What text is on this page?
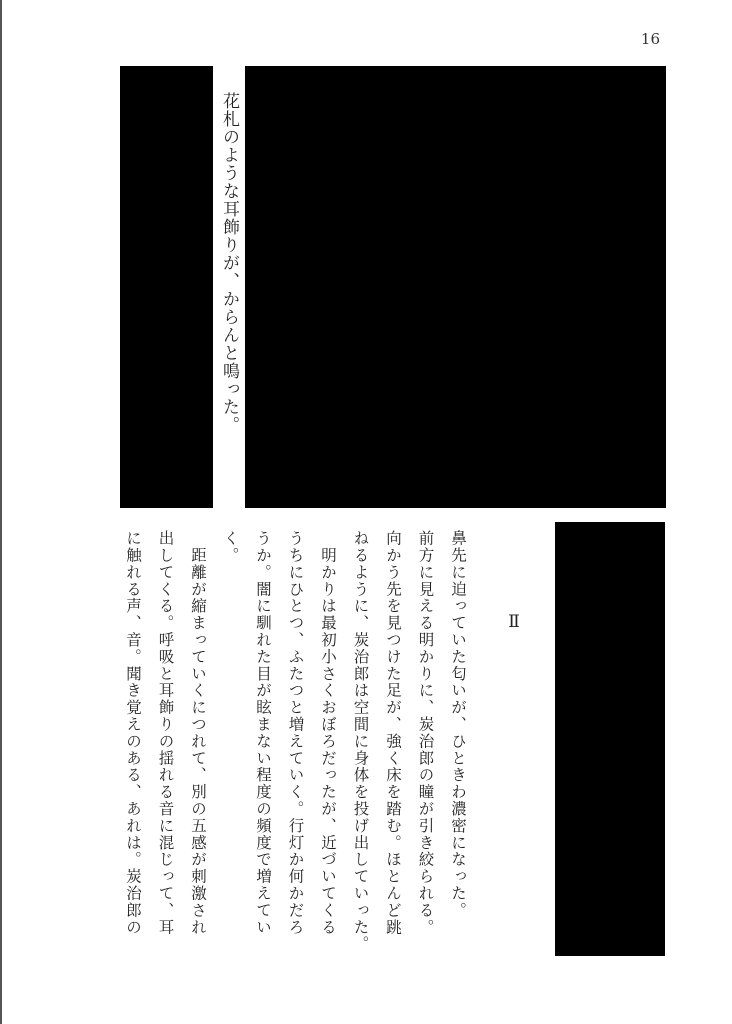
16
花札のような耳飾りが、からんと鳴った。
Ⅱ

鼻先に迫っていた匂いが、ひときわ濃密になった。

前方に見える明かりに、炭治郎の瞳が引き絞られる。

向かう先を見つけた足が、強く床を踏む。ほとんど跳

ねるように、炭治郎は空間に身体を投げ出していった。

　明かりは最初小さくおぼろだったが、近づいてくる

うちにひとつ、ふたつと増えていく。行灯か何かだろ

うか。闇に馴れた目が眩まない程度の頻度で増えてい

く。

　距離が縮まっていくにつれて、別の五感が刺激され

出してくる。呼吸と耳飾りの揺れる音に混じって、耳

に触れる声、音。聞き覚えのある、あれは。炭治郎の
